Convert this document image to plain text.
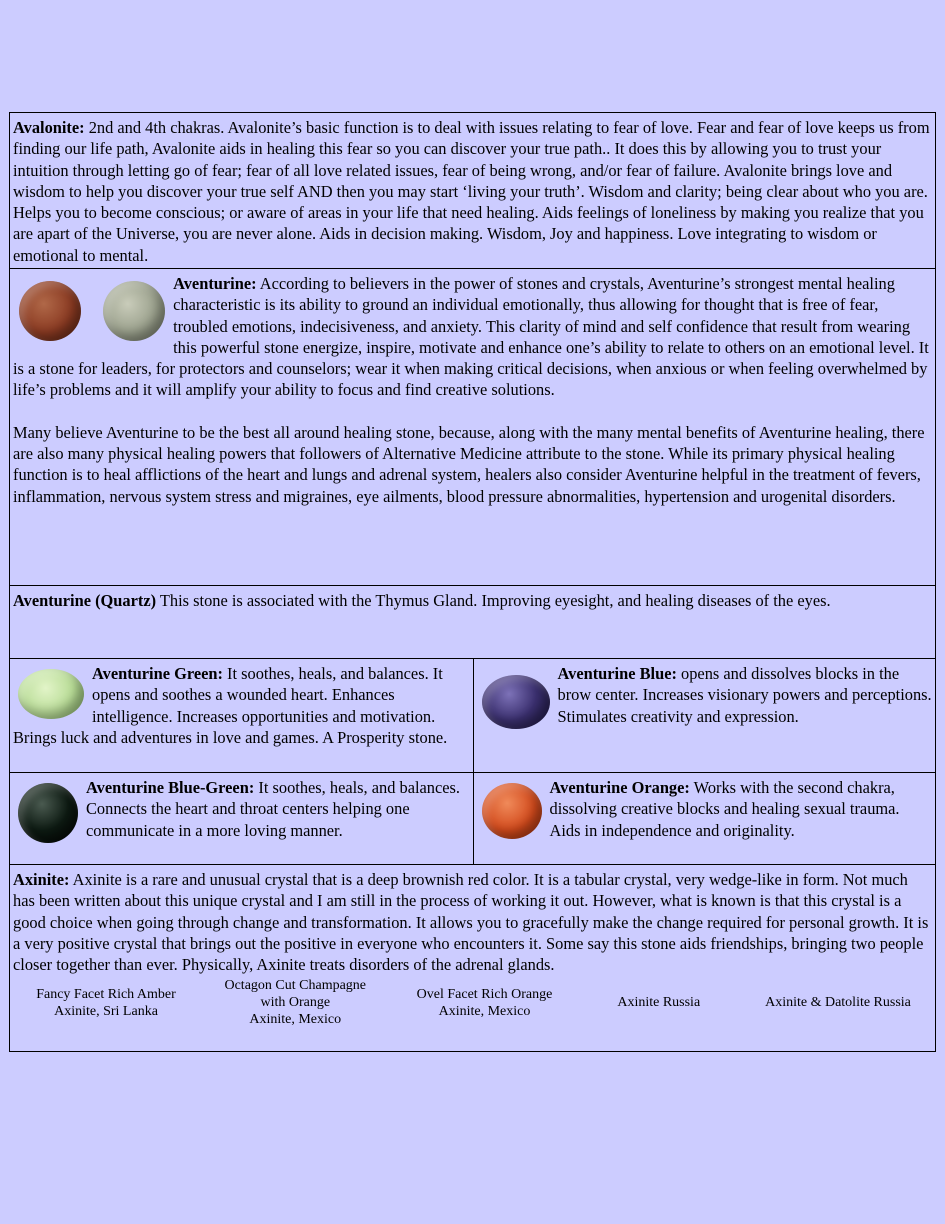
Avalonite: 2nd and 4th chakras. Avalonite’s basic function is to deal with issues relating to fear of love. Fear and fear of love keeps us from finding our life path, Avalonite aids in healing this fear so you can discover your true path.. It does this by allowing you to trust your intuition through letting go of fear; fear of all love related issues, fear of being wrong, and/or fear of failure. Avalonite brings love and wisdom to help you discover your true self AND then you may start ‘living your truth’. Wisdom and clarity; being clear about who you are. Helps you to become conscious; or aware of areas in your life that need healing. Aids feelings of loneliness by making you realize that you are apart of the Universe, you are never alone. Aids in decision making. Wisdom, Joy and happiness. Love integrating to wisdom or emotional to mental.

Aventurine: According to believers in the power of stones and crystals, Aventurine’s strongest mental healing characteristic is its ability to ground an individual emotionally, thus allowing for thought that is free of fear, troubled emotions, indecisiveness, and anxiety. This clarity of mind and self confidence that result from wearing this powerful stone energize, inspire, motivate and enhance one’s ability to relate to others on an emotional level. It is a stone for leaders, for protectors and counselors; wear it when making critical decisions, when anxious or when feeling overwhelmed by life’s problems and it will amplify your ability to focus and find creative solutions.

Many believe Aventurine to be the best all around healing stone, because, along with the many mental benefits of Aventurine healing, there are also many physical healing powers that followers of Alternative Medicine attribute to the stone. While its primary physical healing function is to heal afflictions of the heart and lungs and adrenal system, healers also consider Aventurine helpful in the treatment of fevers, inflammation, nervous system stress and migraines, eye ailments, blood pressure abnormalities, hypertension and urogenital disorders.

Aventurine (Quartz) This stone is associated with the Thymus Gland. Improving eyesight, and healing diseases of the eyes.

Aventurine Green: It soothes, heals, and balances. It opens and soothes a wounded heart. Enhances intelligence. Increases opportunities and motivation. Brings luck and adventures in love and games. A Prosperity stone.
Aventurine Blue: opens and dissolves blocks in the brow center. Increases visionary powers and perceptions. Stimulates creativity and expression.
Aventurine Blue-Green: It soothes, heals, and balances. Connects the heart and throat centers helping one communicate in a more loving manner.
Aventurine Orange: Works with the second chakra, dissolving creative blocks and healing sexual trauma. Aids in independence and originality.

Axinite: Axinite is a rare and unusual crystal that is a deep brownish red color. It is a tabular crystal, very wedge-like in form. Not much has been written about this unique crystal and I am still in the process of working it out. However, what is known is that this crystal is a good choice when going through change and transformation. It allows you to gracefully make the change required for personal growth. It is a very positive crystal that brings out the positive in everyone who encounters it. Some say this stone aids friendships, bringing two people closer together than ever. Physically, Axinite treats disorders of the adrenal glands.

Fancy Facet Rich Amber
Axinite, Sri Lanka
Octagon Cut Champagne
with Orange
Axinite, Mexico
Ovel Facet Rich Orange
Axinite, Mexico
Axinite Russia	Axinite & Datolite Russia
